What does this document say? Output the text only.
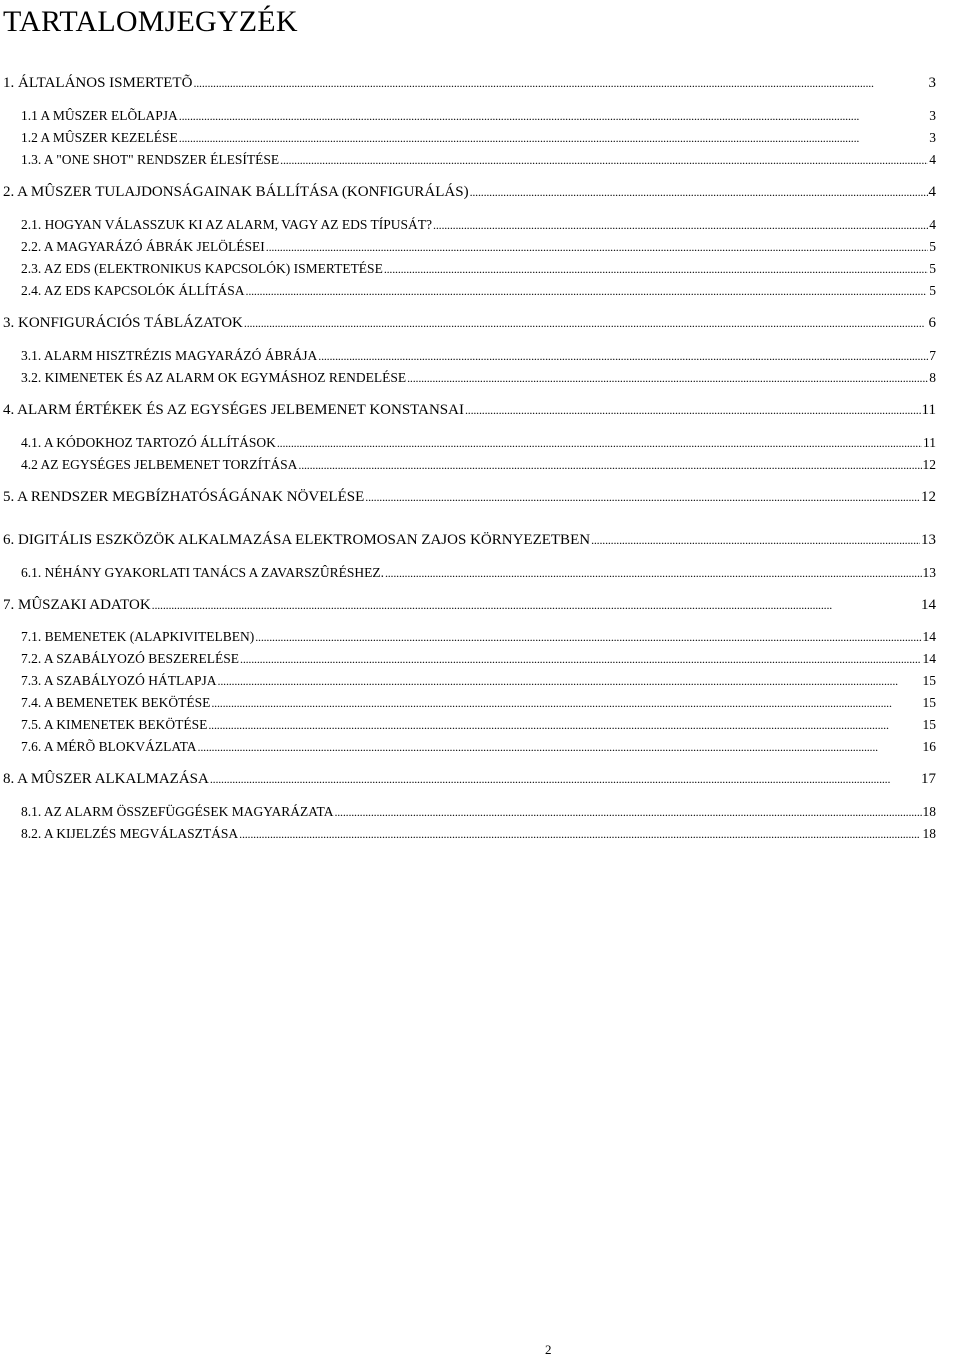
TARTALOMJEGYZÉK
1. ÁLTALÁNOS ISMERTETÕ . . .	3
1.1 A MÛSZER ELÕLAPJA . . .	3
1.2 A MÛSZER KEZELÉSE . . .	3
1.3. A "ONE SHOT" RENDSZER ÉLESÍTÉSE . . .	4
2. A MÛSZER TULAJDONSÁGAINAK BÁLLÍTÁSA (KONFIGURÁLÁS) . . .	4
2.1. HOGYAN VÁLASSZUK KI AZ ALARM, VAGY AZ EDS TÍPUSÁT? . . .	4
2.2. A MAGYARÁZÓ ÁBRÁK JELÖLÉSEI . . .	5
2.3. AZ EDS (ELEKTRONIKUS KAPCSOLÓK) ISMERTETÉSE . . .	5
2.4. AZ EDS KAPCSOLÓK ÁLLÍTÁSA . . .	5
3. KONFIGURÁCIÓS TÁBLÁZATOK . . .	6
3.1. ALARM HISZTRÉZIS MAGYARÁZÓ ÁBRÁJA . . .	7
3.2. KIMENETEK ÉS AZ ALARM OK EGYMÁSHOZ RENDELÉSE . . .	8
4. ALARM ÉRTÉKEK ÉS AZ EGYSÉGES JELBEMENET KONSTANSAI . . .	11
4.1. A KÓDOKHOZ TARTOZÓ ÁLLÍTÁSOK . . .	11
4.2 AZ EGYSÉGES JELBEMENET TORZÍTÁSA . . .	12
5. A RENDSZER MEGBÍZHATÓSÁGÁNAK NÖVELÉSE . . .	12
6. DIGITÁLIS ESZKÖZÖK ALKALMAZÁSA ELEKTROMOSAN ZAJOS KÖRNYEZETBEN . . .	13
6.1. NÉHÁNY GYAKORLATI TANÁCS A ZAVARSZÛRÉSHEZ. . . .	13
7. MÛSZAKI ADATOK . . .	14
7.1. BEMENETEK (ALAPKIVITELBEN) . . .	14
7.2. A SZABÁLYOZÓ BESZERELÉSE . . .	14
7.3. A SZABÁLYOZÓ HÁTLAPJA . . .	15
7.4. A BEMENETEK BEKÖTÉSE . . .	15
7.5. A KIMENETEK BEKÖTÉSE . . .	15
7.6. A MÉRÕ BLOKVÁZLATA . . .	16
8. A MÛSZER ALKALMAZÁSA . . .	17
8.1. AZ ALARM ÖSSZEFÜGGÉSEK MAGYARÁZATA . . .	18
8.2. A KIJELZÉS MEGVÁLASZTÁSA . . .	18
2
